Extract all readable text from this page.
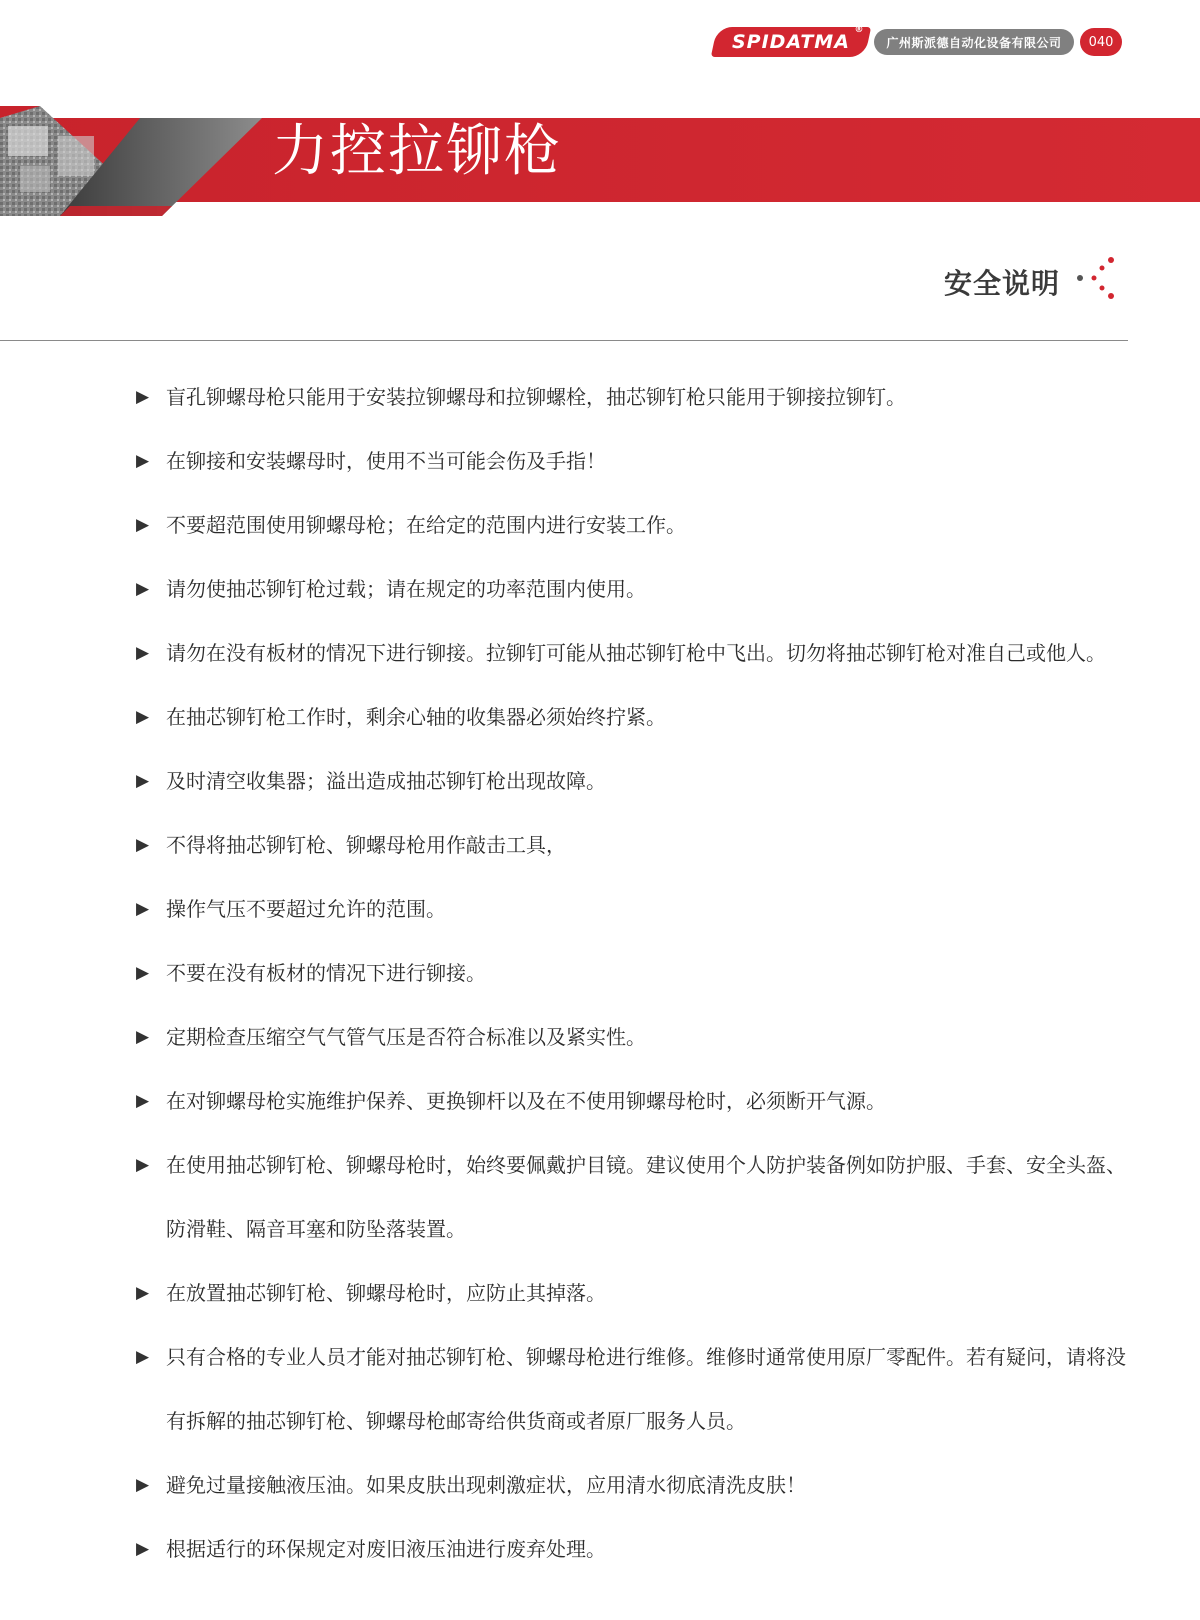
SPIDATMA
®
广州斯派德自动化设备有限公司 040
力控拉铆枪
安全说明
▶ 盲孔铆螺母枪只能用于安装拉铆螺母和拉铆螺栓，抽芯铆钉枪只能用于铆接拉铆钉。
▶ 在铆接和安装螺母时，使用不当可能会伤及手指！
▶ 不要超范围使用铆螺母枪；在给定的范围内进行安装工作。
▶ 请勿使抽芯铆钉枪过载；请在规定的功率范围内使用。
▶ 请勿在没有板材的情况下进行铆接。拉铆钉可能从抽芯铆钉枪中飞出。切勿将抽芯铆钉枪对准自己或他人。
▶ 在抽芯铆钉枪工作时，剩余心轴的收集器必须始终拧紧。
▶ 及时清空收集器；溢出造成抽芯铆钉枪出现故障。
▶ 不得将抽芯铆钉枪、铆螺母枪用作敲击工具，
▶ 操作气压不要超过允许的范围。
▶ 不要在没有板材的情况下进行铆接。
▶ 定期检查压缩空气气管气压是否符合标准以及紧实性。
▶ 在对铆螺母枪实施维护保养、更换铆杆以及在不使用铆螺母枪时，必须断开气源。
▶ 在使用抽芯铆钉枪、铆螺母枪时，始终要佩戴护目镜。建议使用个人防护装备例如防护服、手套、安全头盔、防滑鞋、隔音耳塞和防坠落装置。
▶ 在放置抽芯铆钉枪、铆螺母枪时，应防止其掉落。
▶ 只有合格的专业人员才能对抽芯铆钉枪、铆螺母枪进行维修。维修时通常使用原厂零配件。若有疑问，请将没有拆解的抽芯铆钉枪、铆螺母枪邮寄给供货商或者原厂服务人员。
▶ 避免过量接触液压油。如果皮肤出现刺激症状，应用清水彻底清洗皮肤！
▶ 根据适行的环保规定对废旧液压油进行废弃处理。
